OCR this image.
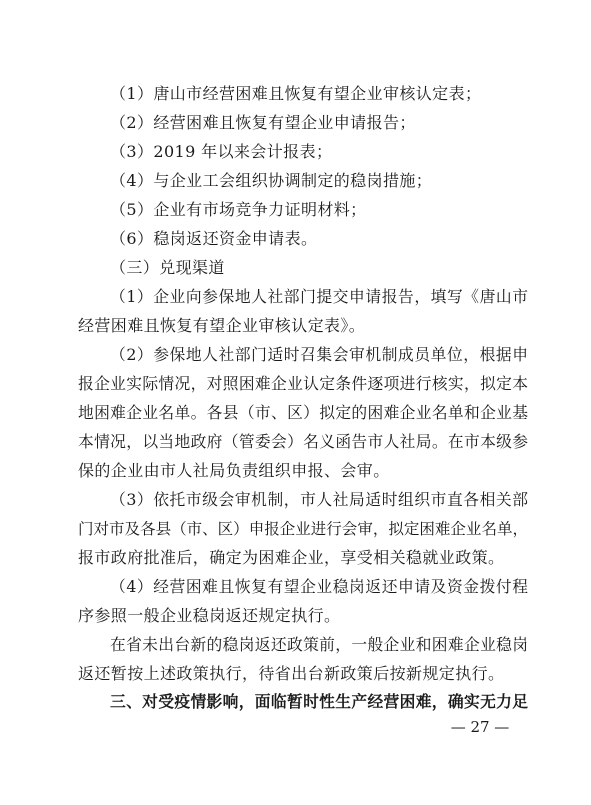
（1）唐山市经营困难且恢复有望企业审核认定表；
（2）经营困难且恢复有望企业申请报告；
（3）2019 年以来会计报表；
（4）与企业工会组织协调制定的稳岗措施；
（5）企业有市场竞争力证明材料；
（6）稳岗返还资金申请表。
（三）兑现渠道
（1）企业向参保地人社部门提交申请报告，填写《唐山市
经营困难且恢复有望企业审核认定表》。
（2）参保地人社部门适时召集会审机制成员单位，根据申
报企业实际情况，对照困难企业认定条件逐项进行核实，拟定本
地困难企业名单。各县（市、区）拟定的困难企业名单和企业基
本情况，以当地政府（管委会）名义函告市人社局。在市本级参
保的企业由市人社局负责组织申报、会审。
（3）依托市级会审机制，市人社局适时组织市直各相关部
门对市及各县（市、区）申报企业进行会审，拟定困难企业名单，
报市政府批准后，确定为困难企业，享受相关稳就业政策。
（4）经营困难且恢复有望企业稳岗返还申请及资金拨付程
序参照一般企业稳岗返还规定执行。
在省未出台新的稳岗返还政策前，一般企业和困难企业稳岗
返还暂按上述政策执行，待省出台新政策后按新规定执行。
三、对受疫情影响，面临暂时性生产经营困难，确实无力足
— 27 —
